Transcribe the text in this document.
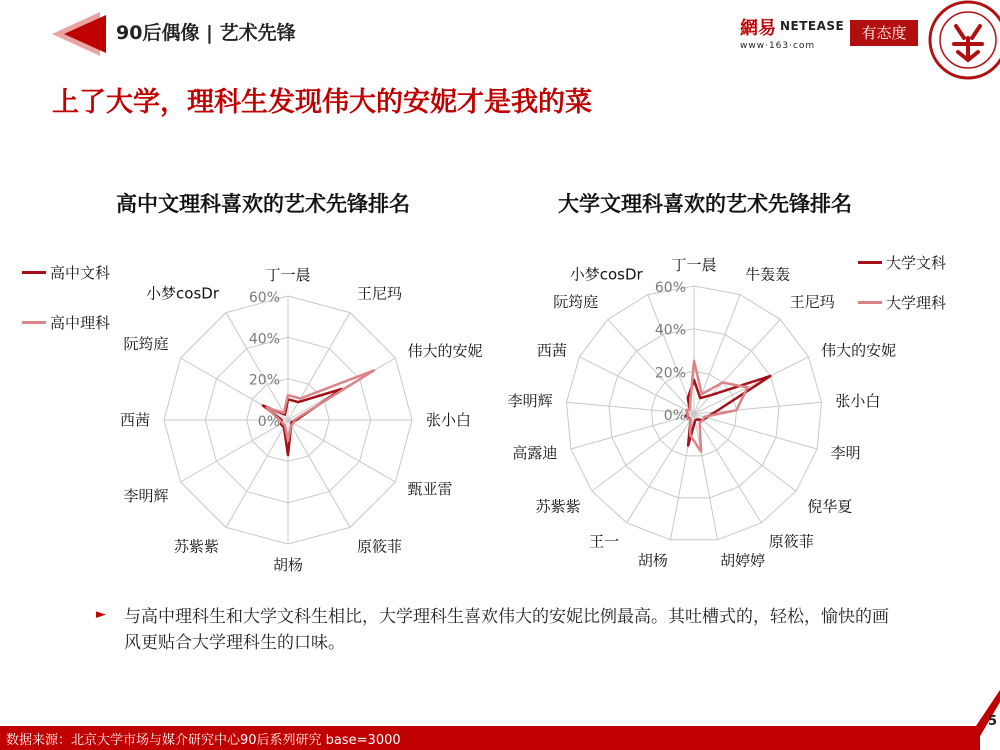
90后偶像 | 艺术先锋	網易 NETEASE
www·163·com
有态度
上了大学，理科生发现伟大的安妮才是我的菜
高中文理科喜欢的艺术先锋排名	大学文理科喜欢的艺术先锋排名
0%
20%
40%
60%
丁一晨
王尼玛
伟大的安妮
张小白
甄亚雷
原筱菲
胡杨
苏紫紫
李明辉
西茜
阮筠庭
小梦cosDr
0%
20%
40%
60%
丁一晨
牛轰轰
王尼玛
伟大的安妮
张小白
李明
倪华夏
原筱菲
胡婷婷
胡杨
王一
苏紫紫
高露迪
李明辉
西茜
阮筠庭
小梦cosDr
高中文科
高中理科
大学文科
大学理科
► 与高中理科生和大学文科生相比，大学理科生喜欢伟大的安妮比例最高。其吐槽式的，轻松，愉快的画风更贴合大学理科生的口味。
数据来源：北京大学市场与媒介研究中心90后系列研究 base=3000
5
